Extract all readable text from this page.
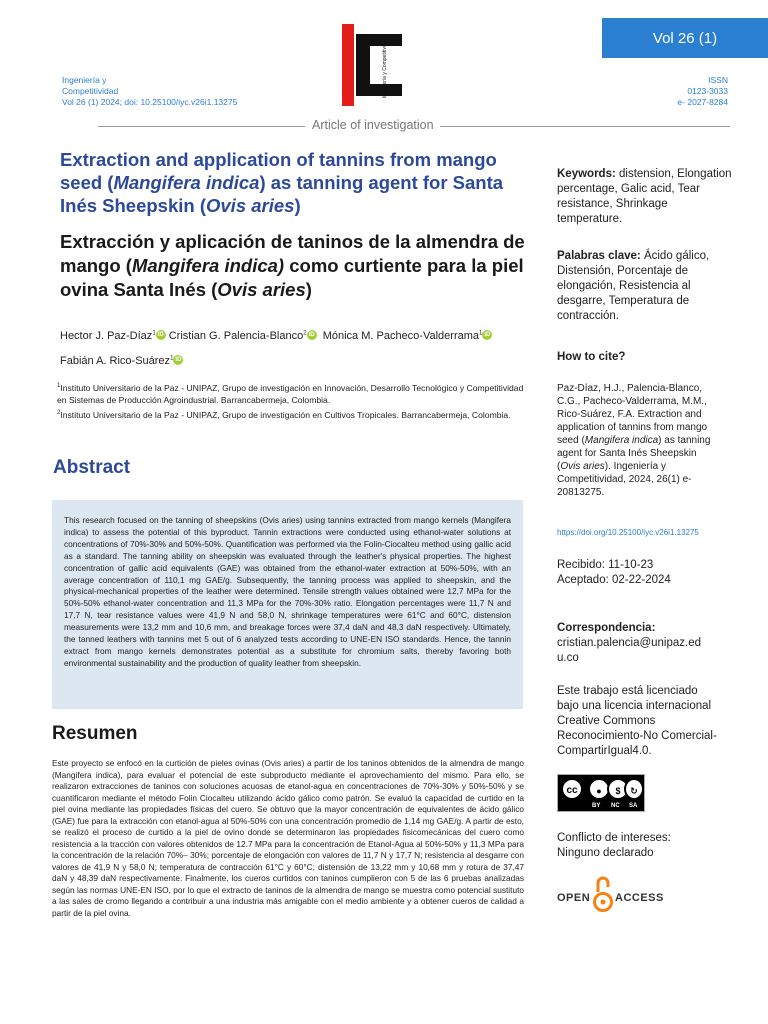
Vol 26 (1)
Ingeniería y
Competitividad
Vol 26 (1) 2024; doi: 10.25100/iyc.v26i1.13275
ISSN
0123-3033
e- 2027-8284
Ingeniería y Competitividad
Article of investigation
Extraction and application of tannins from mango seed (Mangifera indica) as tanning agent for Santa Inés Sheepskin (Ovis aries)
Extracción y aplicación de taninos de la almendra de mango (Mangifera indica) como curtiente para la piel ovina Santa Inés (Ovis aries)
Hector J. Paz-Díaz$^1$ iD Cristian G. Palencia-Blanco$^2$ iD Mónica M. Pacheco-Valderrama$^1$ iD
Fabián A. Rico-Suárez$^1$ iD
$^1$Instituto Universitario de la Paz - UNIPAZ, Grupo de investigación en Innovación, Desarrollo Tecnológico y Competitividad en Sistemas de Producción Agroindustrial. Barrancabermeja, Colombia.
$^2$Instituto Universitario de la Paz - UNIPAZ, Grupo de investigación en Cultivos Tropicales. Barrancabermeja, Colombia.
Abstract

This research focused on the tanning of sheepskins (Ovis aries) using tannins extracted from mango kernels (Mangifera indica) to assess the potential of this byproduct. Tannin extractions were conducted using ethanol-water solutions at concentrations of 70%-30% and 50%-50%. Quantification was performed via the Folin-Ciocalteu method using gallic acid as a standard. The tanning ability on sheepskin was evaluated through the leather's physical properties. The highest concentration of gallic acid equivalents (GAE) was obtained from the ethanol-water extraction at 50%-50%, with an average concentration of 110,1 mg GAE/g. Subsequently, the tanning process was applied to sheepskin, and the physical-mechanical properties of the leather were determined. Tensile strength values obtained were 12,7 MPa for the 50%-50% ethanol-water concentration and 11,3 MPa for the 70%-30% ratio. Elongation percentages were 11,7 N and 17,7 N, tear resistance values were 41,9 N and 58,0 N, shrinkage temperatures were 61°C and 60°C, distension measurements were 13,2 mm and 10,6 mm, and breakage forces were 37,4 daN and 48,3 daN respectively. Ultimately, the tanned leathers with tannins met 5 out of 6 analyzed tests according to UNE-EN ISO standards. Hence, the tannin extract from mango kernels demonstrates potential as a substitute for chromium salts, thereby favoring both environmental sustainability and the production of quality leather from sheepskin.

Resumen

Este proyecto se enfocó en la curtición de pieles ovinas (Ovis aries) a partir de los taninos obtenidos de la almendra de mango (Mangifera indica), para evaluar el potencial de este subproducto mediante el aprovechamiento del mismo. Para ello, se realizaron extracciones de taninos con soluciones acuosas de etanol-agua en concentraciones de 70%-30% y 50%-50% y se cuantificaron mediante el método Folin Ciocalteu utilizando ácido gálico como patrón. Se evaluó la capacidad de curtido en la piel ovina mediante las propiedades físicas del cuero. Se obtuvo que la mayor concentración de equivalentes de ácido gálico (GAE) fue para la extracción con etanol-agua al 50%-50% con una concentración promedio de 1,14 mg GAE/g. A partir de esto, se realizó el proceso de curtido a la piel de ovino donde se determinaron las propiedades fisicomecánicas del cuero como resistencia a la tracción con valores obtenidos de 12.7 MPa para la concentración de Etanol-Agua al 50%-50% y 11,3 MPa para la concentración de la relación 70%– 30%; porcentaje de elongación con valores de 11,7 N y 17,7 N; resistencia al desgarre con valores de 41,9 N y 58,0 N; temperatura de contracción 61°C y 60°C; distensión de 13,22 mm y 10,68 mm y rotura de 37,47 daN y 48,39 daN respectivamente. Finalmente, los cueros curtidos con taninos cumplieron con 5 de las 6 pruebas analizadas según las normas UNE-EN ISO, por lo que el extracto de taninos de la almendra de mango se muestra como potencial sustituto a las sales de cromo llegando a contribuir a una industria más amigable con el medio ambiente y a obtener cueros de calidad a partir de la piel ovina.

Keywords: distension, Elongation percentage, Galic acid, Tear resistance, Shrinkage temperature.
Palabras clave: Ácido gálico, Distensión, Porcentaje de elongación, Resistencia al desgarre, Temperatura de contracción.
How to cite?
Paz-Díaz, H.J., Palencia-Blanco, C.G., Pacheco-Valderrama, M.M., Rico-Suárez, F.A. Extraction and application of tannins from mango seed (Mangifera indica) as tanning agent for Santa Inés Sheepskin (Ovis aries). Ingeniería y Competitividad, 2024, 26(1) e-20813275.
https://doi.org/10.25100/iyc.v26i1.13275
Recibido: 11-10-23
Aceptado: 02-22-2024
Correspondencia:
cristian.palencia@unipaz.edu.co
Este trabajo está licenciado bajo una licencia internacional Creative Commons Reconocimiento-No Comercial-CompartirIgual4.0.
cc	●	$	↻
BY NC SA
Conflicto de intereses:
Ninguno declarado
OPEN ACCESS
